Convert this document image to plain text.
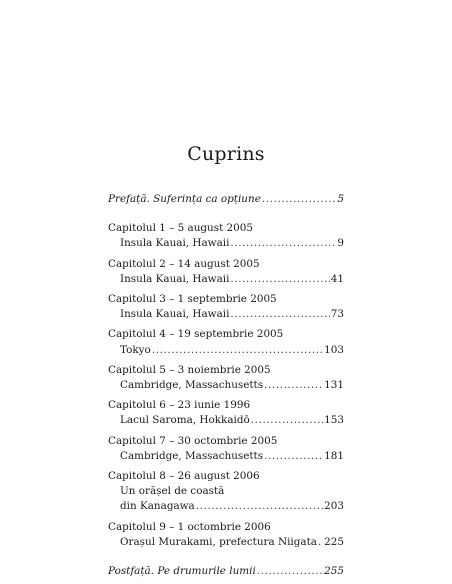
Cuprins
Prefață. Suferința ca opțiune .....	5
Capitolul 1 – 5 august 2005
Insula Kauai, Hawaii .....	9
Capitolul 2 – 14 august 2005
Insula Kauai, Hawaii .....	41
Capitolul 3 – 1 septembrie 2005
Insula Kauai, Hawaii .....	73
Capitolul 4 – 19 septembrie 2005
Tokyo .....	103
Capitolul 5 – 3 noiembrie 2005
Cambridge, Massachusetts .....	131
Capitolul 6 – 23 iunie 1996
Lacul Saroma, Hokkaidō .....	153
Capitolul 7 – 30 octombrie 2005
Cambridge, Massachusetts .....	181
Capitolul 8 – 26 august 2006
Un orășel de coastă
din Kanagawa .....	203
Capitolul 9 – 1 octombrie 2006
Orașul Murakami, prefectura Niigata ..... 225
Postfață. Pe drumurile lumii .....	255
